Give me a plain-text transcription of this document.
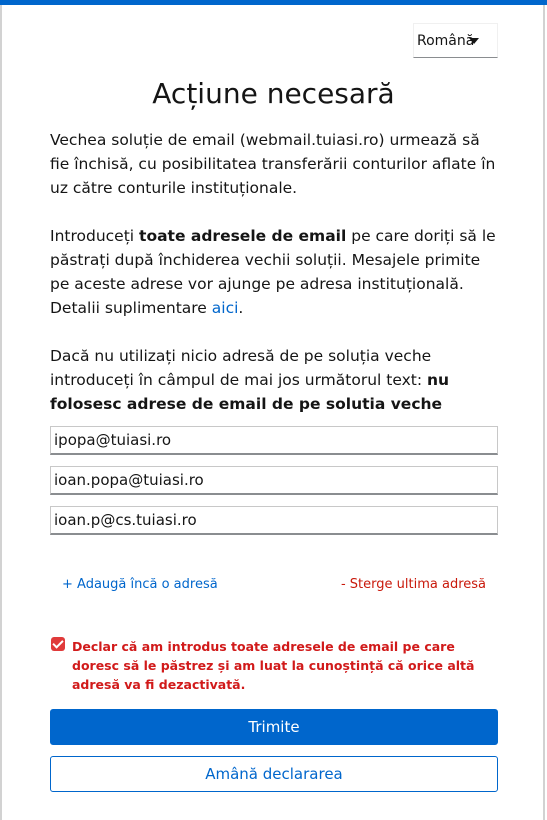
Română
Acțiune necesară

Vechea soluție de email (webmail.tuiasi.ro) urmează să fie închisă, cu posibilitatea transferării conturilor aflate în uz către conturile instituționale.

Introduceți toate adresele de email pe care doriți să le păstrați după închiderea vechii soluții. Mesajele primite pe aceste adrese vor ajunge pe adresa instituțională. Detalii suplimentare aici.

Dacă nu utilizați nicio adresă de pe soluția veche introduceți în câmpul de mai jos următorul text: nu folosesc adrese de email de pe solutia veche

ipopa@tuiasi.ro
ioan.popa@tuiasi.ro
ioan.p@cs.tuiasi.ro
+ Adaugă încă o adresă	- Sterge ultima adresă

Declar că am introdus toate adresele de email pe care doresc să le păstrez și am luat la cunoștință că orice altă adresă va fi dezactivată.

Trimite
Amână declararea
